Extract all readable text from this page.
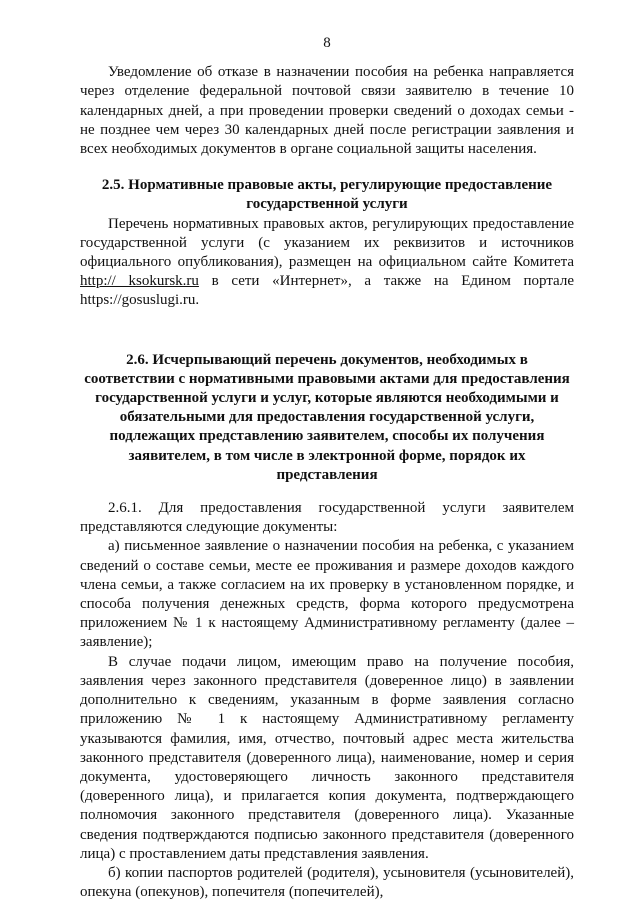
8

Уведомление об отказе в назначении пособия на ребенка направляется через отделение федеральной почтовой связи заявителю в течение 10 календарных дней, а при проведении проверки сведений о доходах семьи - не позднее чем через 30 календарных дней после регистрации заявления и всех необходимых документов в органе социальной защиты населения.

2.5. Нормативные правовые акты, регулирующие предоставление государственной услуги

Перечень нормативных правовых актов, регулирующих предоставление государственной услуги (с указанием их реквизитов и источников официального опубликования), размещен на официальном сайте Комитета http:// ksokursk.ru в сети «Интернет», а также на Едином портале https://gosuslugi.ru.

2.6. Исчерпывающий перечень документов, необходимых в соответствии с нормативными правовыми актами для предоставления государственной услуги и услуг, которые являются необходимыми и обязательными для предоставления государственной услуги, подлежащих представлению заявителем, способы их получения заявителем, в том числе в электронной форме, порядок их представления

2.6.1. Для предоставления государственной услуги заявителем представляются следующие документы:

а) письменное заявление о назначении пособия на ребенка, с указанием сведений о составе семьи, месте ее проживания и размере доходов каждого члена семьи, а также согласием на их проверку в установленном порядке, и способа получения денежных средств, форма которого предусмотрена приложением № 1 к настоящему Административному регламенту (далее – заявление);

В случае подачи лицом, имеющим право на получение пособия, заявления через законного представителя (доверенное лицо) в заявлении дополнительно к сведениям, указанным в форме заявления согласно приложению № 1 к настоящему Административному регламенту указываются фамилия, имя, отчество, почтовый адрес места жительства законного представителя (доверенного лица), наименование, номер и серия документа, удостоверяющего личность законного представителя (доверенного лица), и прилагается копия документа, подтверждающего полномочия законного представителя (доверенного лица). Указанные сведения подтверждаются подписью законного представителя (доверенного лица) с проставлением даты представления заявления.

б) копии паспортов родителей (родителя), усыновителя (усыновителей), опекуна (опекунов), попечителя (попечителей),
